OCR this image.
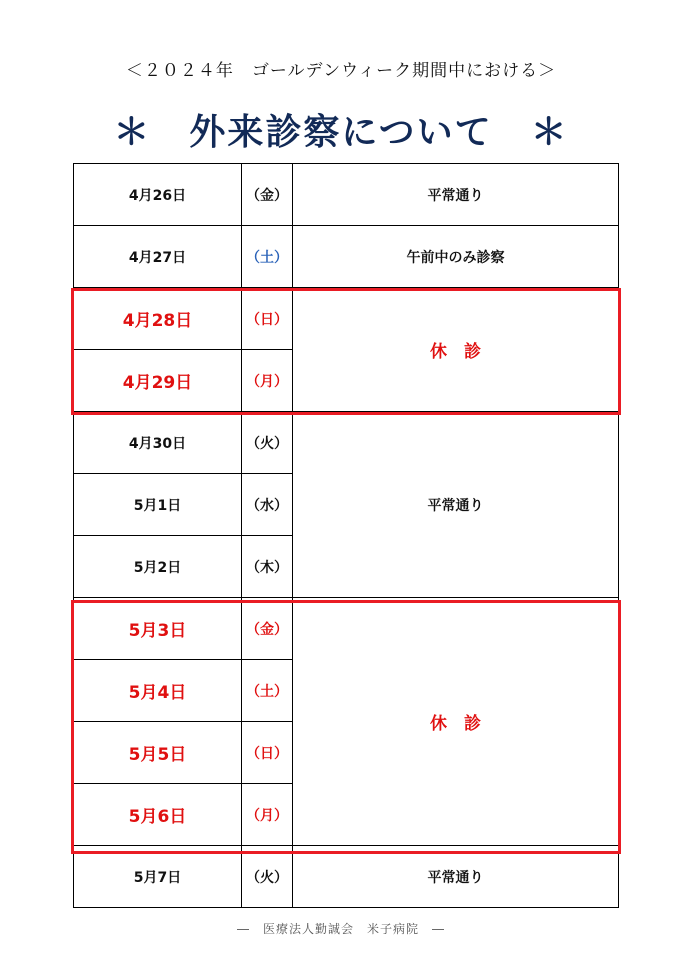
＜２０２４年　ゴールデンウィーク期間中における＞
＊　外来診察について　＊
4月26日	（金）	平常通り
4月27日	（土）	午前中のみ診察
4月28日	（日）	休　診
4月29日	（月）	
4月30日	（火）	平常通り
5月1日	（水）	
5月2日	（木）	
5月3日	（金）	休　診
5月4日	（土）	
5月5日	（日）	
5月6日	（月）	
5月7日	（火）	平常通り
―　医療法人勤誠会　米子病院　―
